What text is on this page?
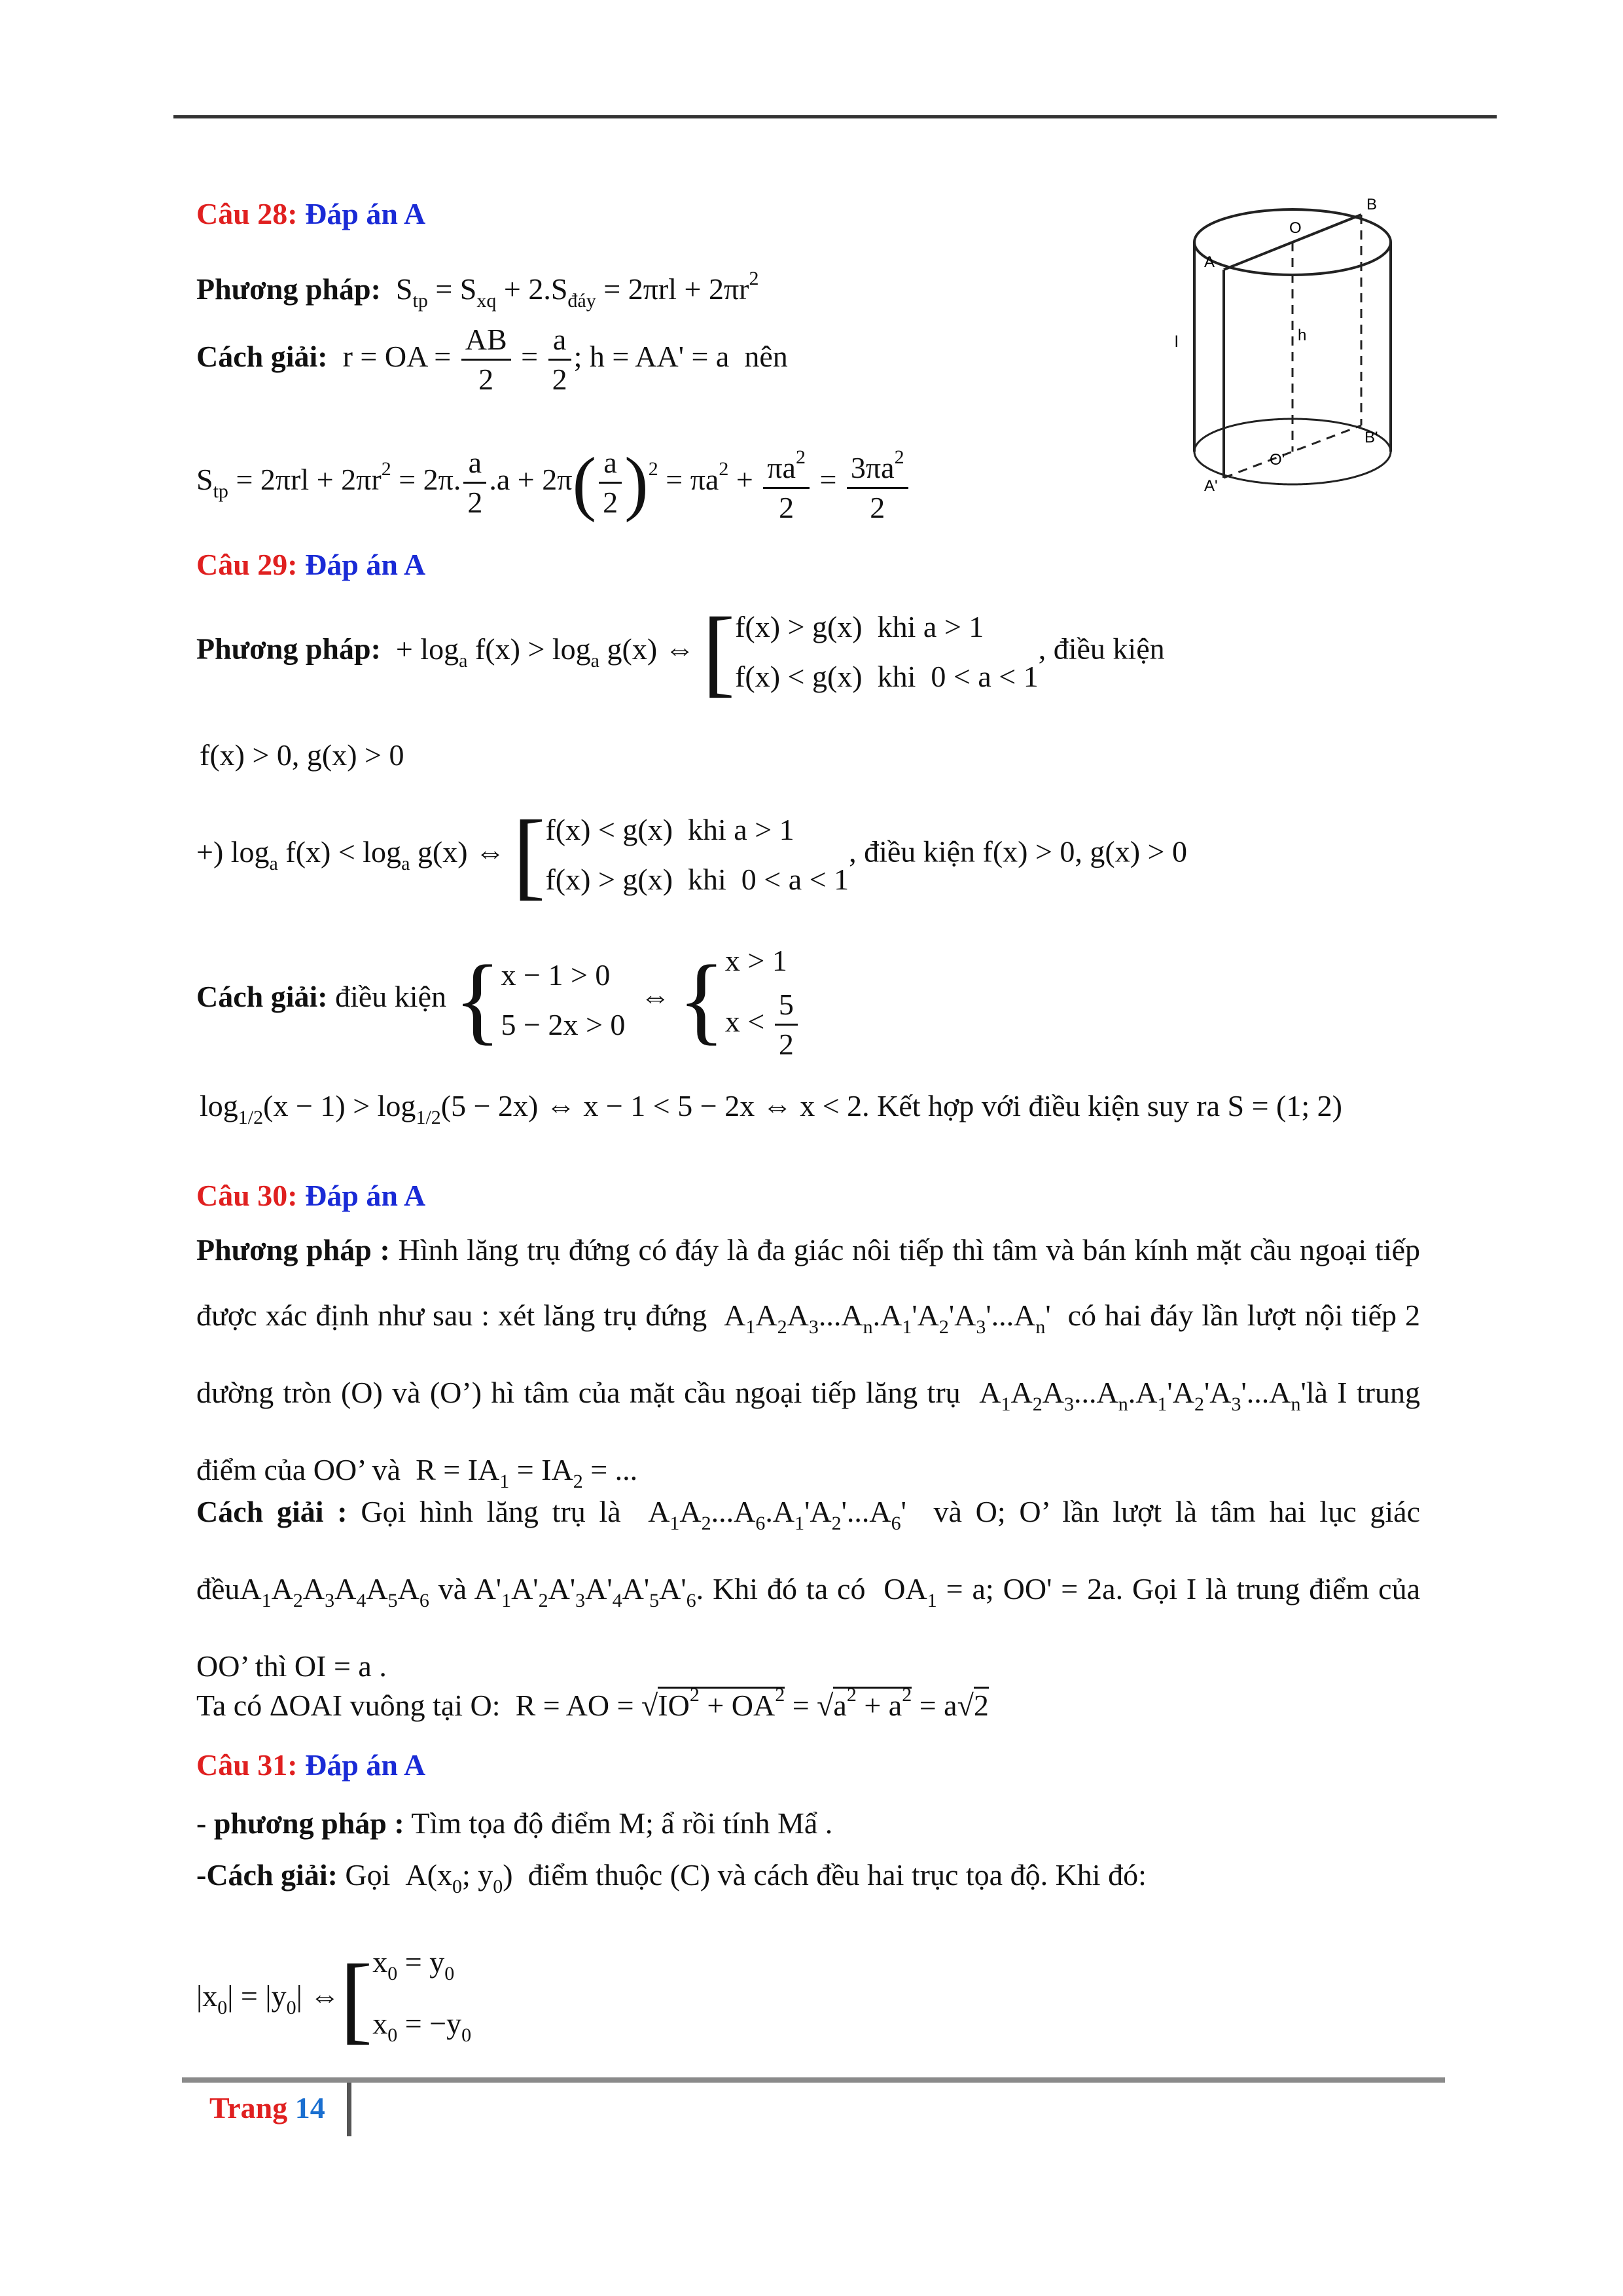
Câu 28: Đáp án A
Phương pháp:  $S_{tp} = S_{xq} + 2.S_{đáy} = 2\pi rl + 2\pi r^2$
Cách giải:  r = OA = $\frac{AB}{2} = \frac{a}{2}$ ; h = AA' = a  nên
$S_{tp} = 2\pi rl + 2\pi r^2 = 2\pi$. $\frac{a}{2} .a + 2\pi( \frac{a}{2} )^2 = \pi a^2 + \frac{\pi a^2}{2} = \frac{3\pi a^2}{2}$
B
O
A
h
l
A'
O'
B'
Câu 29: Đáp án A
Phương pháp:  + $\log_a f(x) > \log_a g(x)$ ⇔ [f(x) > g(x)  khi a > 1
f(x) < g(x)  khi  0 < a < 1, điều kiện
f(x) > 0, g(x) > 0
+) $\log_a f(x) < \log_a g(x)$ ⇔ [f(x) < g(x)  khi a > 1
f(x) > g(x)  khi  0 < a < 1, điều kiện f(x) > 0, g(x) > 0
Cách giải: điều kiện {x − 1 > 0
5 − 2x > 0  ⇔ {x > 1
$x < \frac{5}{2}$
$\log_{1/2}(x - 1) > \log_{1/2}(5 - 2x)$ ⇔ x − 1 < 5 − 2x ⇔ x < 2. Kết hợp với điều kiện suy ra S = (1; 2)
Câu 30: Đáp án A
Phương pháp : Hình lăng trụ đứng có đáy là đa giác nôi tiếp thì tâm và bán kính mặt cầu ngoại tiếp được xác định như sau : xét lăng trụ đứng  $A_1A_2A_3...A_n.A_1'A_2'A_3'...A_n'$  có hai đáy lần lượt nội tiếp 2 dường tròn (O) và (O’) hì tâm của mặt cầu ngoại tiếp lăng trụ  $A_1A_2A_3...A_n.A_1'A_2'A_3'...A_n'là$ I trung điểm của OO’ và  $R = IA_1 = IA_2$ = ...
Cách giải : Gọi hình lăng trụ là  $A_1A_2...A_6.A_1'A_2'...A_6'$  và O; O’ lần lượt là tâm hai lục giác $đềuA_1A_2A_3A_4A_5A_6$ và $A'_1A'_2A'_3A'_4A'_5A'_6$. Khi đó ta có  $OA_1 = a$; OO' = 2a. Gọi I là trung điểm của OO’ thì OI = a .
Ta có ΔOAI vuông tại O:  R = AO = $√IO^2 + OA^2 = √a^2 + a^2 = a√2$
Câu 31: Đáp án A
- phương pháp : Tìm tọa độ điểm M; ẩ rồi tính Mẩ .
-Cách giải: Gọi  $A(x_0$; $y_0$)  điểm thuộc (C) và cách đều hai trục tọa độ. Khi đó:
$|x_0| = |y_0|$ $\Leftrightarrow[x_0 = y_0$
$x_0 = -y_0$
Trang 14
